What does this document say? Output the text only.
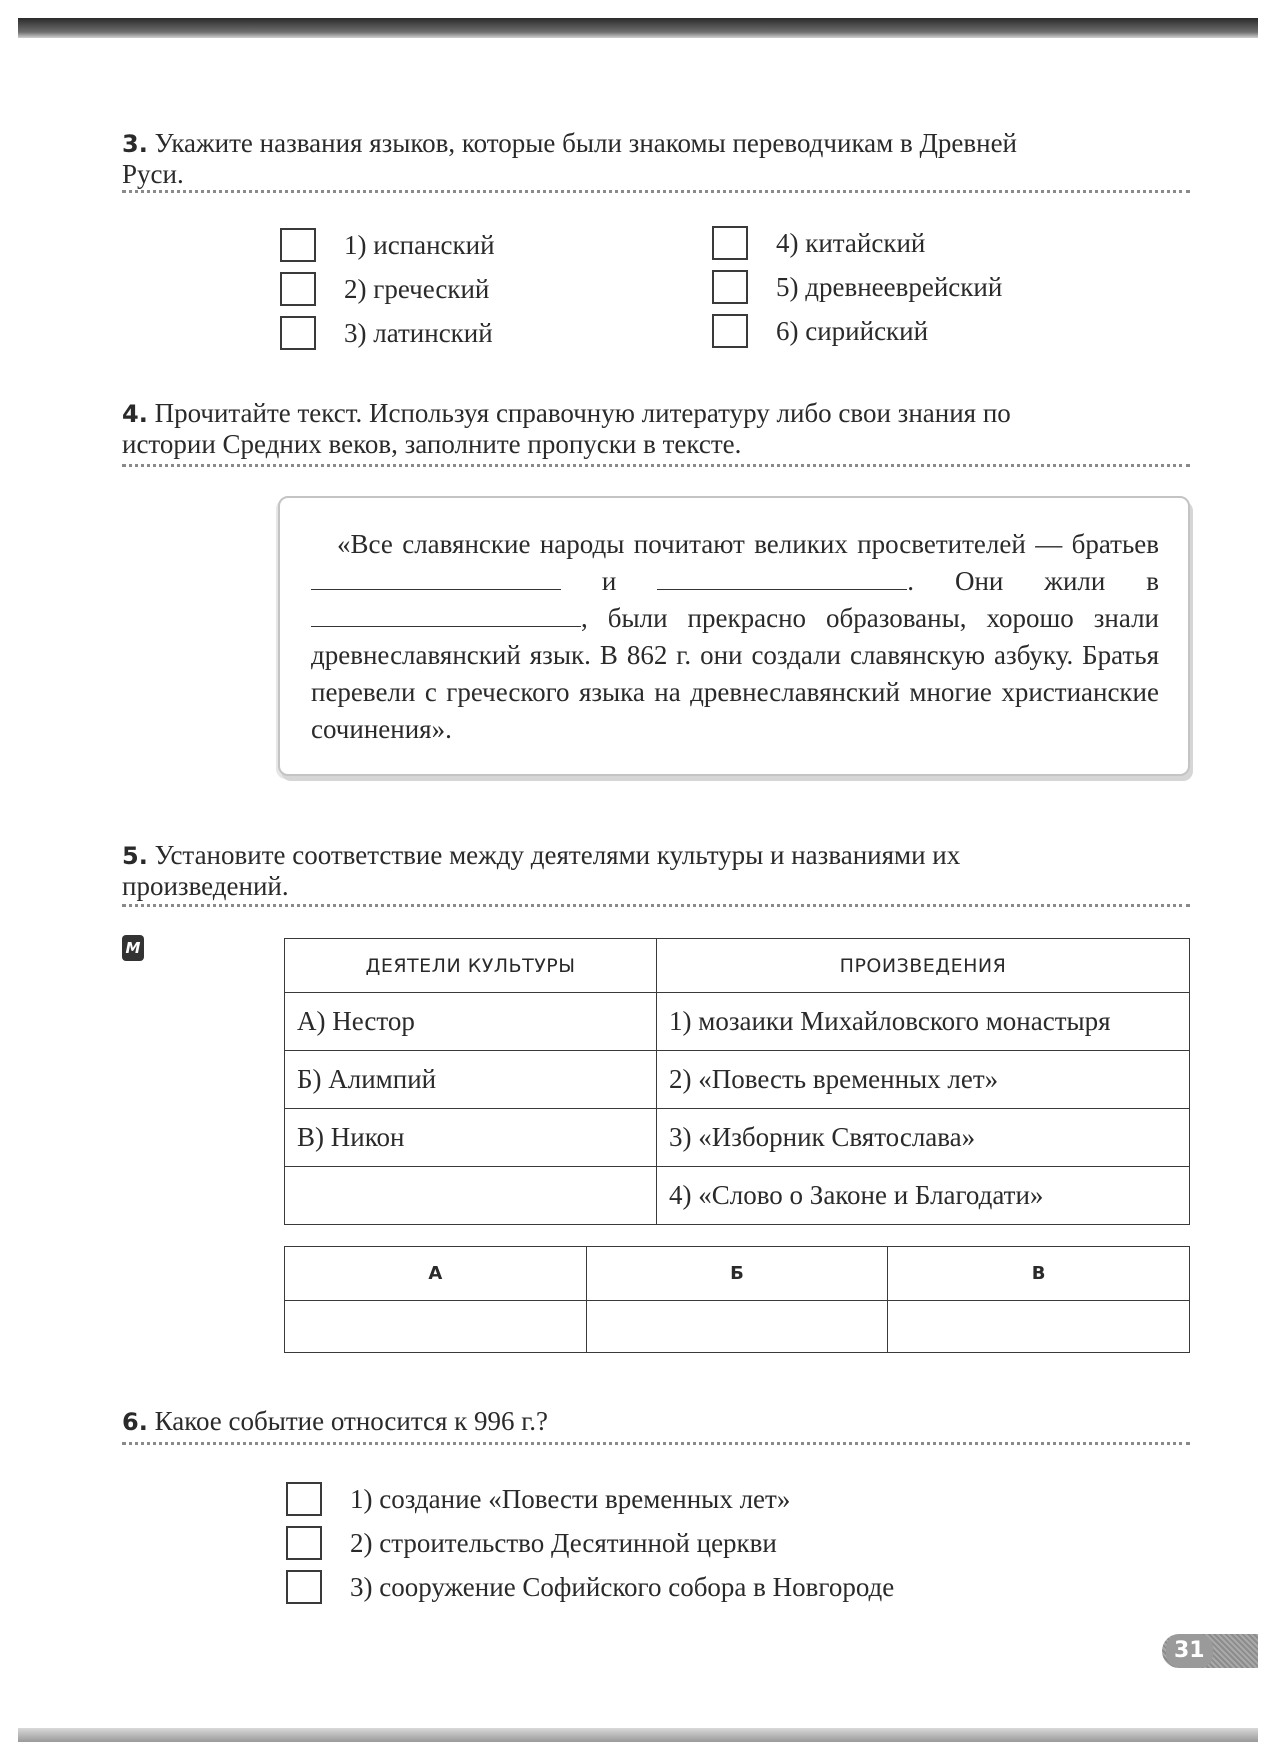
3. Укажите названия языков, которые были знакомы переводчикам в Древней Руси.
1) испанский
2) греческий
3) латинский
4) китайский
5) древнееврейский
6) сирийский
4. Прочитайте текст. Используя справочную литературу либо свои знания по истории Средних веков, заполните пропуски в тексте.
«Все славянские народы почитают великих просветителей — братьев  и	. Они жили в , были прекрасно образованы, хорошо знали древнеславянский язык. В 862 г. они создали славянскую азбуку. Братья перевели с греческого языка на древнеславянский многие христианские сочинения».
5. Установите соответствие между деятелями культуры и названиями их произведений.
M
ДЕЯТЕЛИ КУЛЬТУРЫ	ПРОИЗВЕДЕНИЯ
А) Нестор	1) мозаики Михайловского монастыря
Б) Алимпий	2) «Повесть временных лет»
В) Никон	3) «Изборник Святослава»
	4) «Слово о Законе и Благодати»
А	Б	В

6. Какое событие относится к 996 г.?
1) создание «Повести временных лет»
2) строительство Десятинной церкви
3) сооружение Софийского собора в Новгороде
31
